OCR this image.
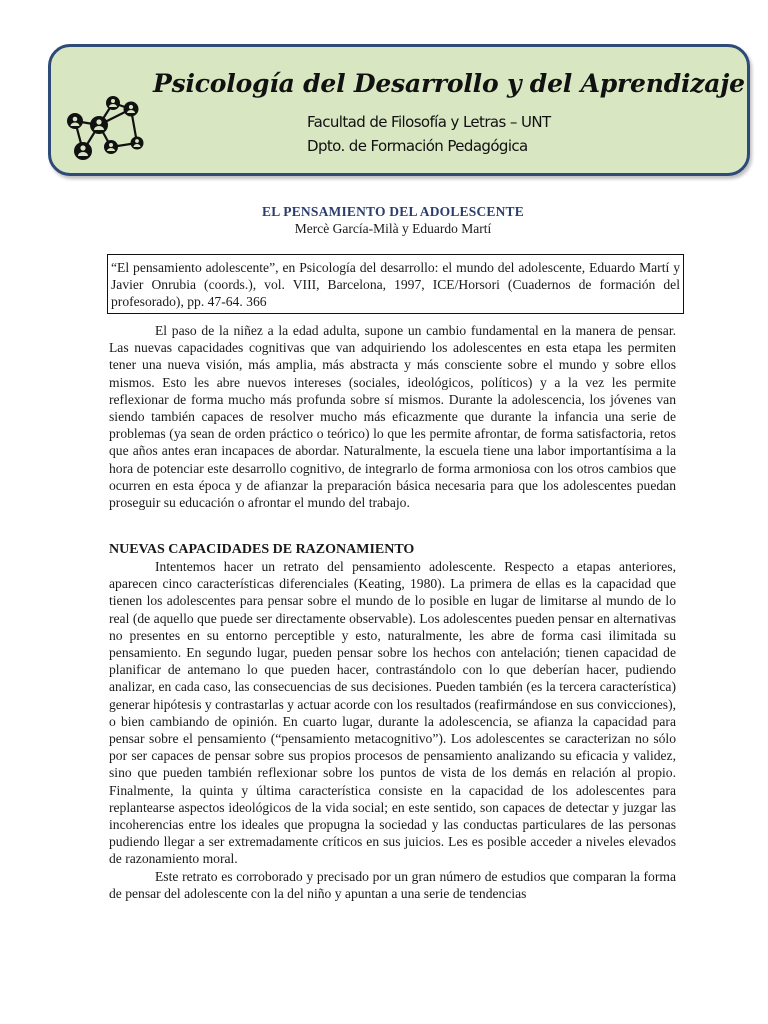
Psicología del Desarrollo y del Aprendizaje
Facultad de Filosofía y Letras – UNT
Dpto. de Formación Pedagógica
EL PENSAMIENTO DEL ADOLESCENTE
Mercè García-Milà y Eduardo Martí
“El pensamiento adolescente”, en Psicología del desarrollo: el mundo del adolescente, Eduardo Martí y Javier Onrubia (coords.), vol. VIII, Barcelona, 1997, ICE/Horsori (Cuadernos de formación del profesorado), pp. 47-64. 366

El paso de la niñez a la edad adulta, supone un cambio fundamental en la manera de pensar. Las nuevas capacidades cognitivas que van adquiriendo los adolescentes en esta etapa les permiten tener una nueva visión, más amplia, más abstracta y más consciente sobre el mundo y sobre ellos mismos. Esto les abre nuevos intereses (sociales, ideológicos, políticos) y a la vez les permite reflexionar de forma mucho más profunda sobre sí mismos. Durante la adolescencia, los jóvenes van siendo también capaces de resolver mucho más eficazmente que durante la infancia una serie de problemas (ya sean de orden práctico o teórico) lo que les permite afrontar, de forma satisfactoria, retos que años antes eran incapaces de abordar. Naturalmente, la escuela tiene una labor importantísima a la hora de potenciar este desarrollo cognitivo, de integrarlo de forma armoniosa con los otros cambios que ocurren en esta época y de afianzar la preparación básica necesaria para que los adolescentes puedan proseguir su educación o afrontar el mundo del trabajo.

NUEVAS CAPACIDADES DE RAZONAMIENTO

Intentemos hacer un retrato del pensamiento adolescente. Respecto a etapas anteriores, aparecen cinco características diferenciales (Keating, 1980). La primera de ellas es la capacidad que tienen los adolescentes para pensar sobre el mundo de lo posible en lugar de limitarse al mundo de lo real (de aquello que puede ser directamente observable). Los adolescentes pueden pensar en alternativas no presentes en su entorno perceptible y esto, naturalmente, les abre de forma casi ilimitada su pensamiento. En segundo lugar, pueden pensar sobre los hechos con antelación; tienen capacidad de planificar de antemano lo que pueden hacer, contrastándolo con lo que deberían hacer, pudiendo analizar, en cada caso, las consecuencias de sus decisiones. Pueden también (es la tercera característica) generar hipótesis y contrastarlas y actuar acorde con los resultados (reafirmándose en sus convicciones), o bien cambiando de opinión. En cuarto lugar, durante la adolescencia, se afianza la capacidad para pensar sobre el pensamiento (“pensamiento metacognitivo”). Los adolescentes se caracterizan no sólo por ser capaces de pensar sobre sus propios procesos de pensamiento analizando su eficacia y validez, sino que pueden también reflexionar sobre los puntos de vista de los demás en relación al propio. Finalmente, la quinta y última característica consiste en la capacidad de los adolescentes para replantearse aspectos ideológicos de la vida social; en este sentido, son capaces de detectar y juzgar las incoherencias entre los ideales que propugna la sociedad y las conductas particulares de las personas pudiendo llegar a ser extremadamente críticos en sus juicios. Les es posible acceder a niveles elevados de razonamiento moral.

Este retrato es corroborado y precisado por un gran número de estudios que comparan la forma de pensar del adolescente con la del niño y apuntan a una serie de tendencias
